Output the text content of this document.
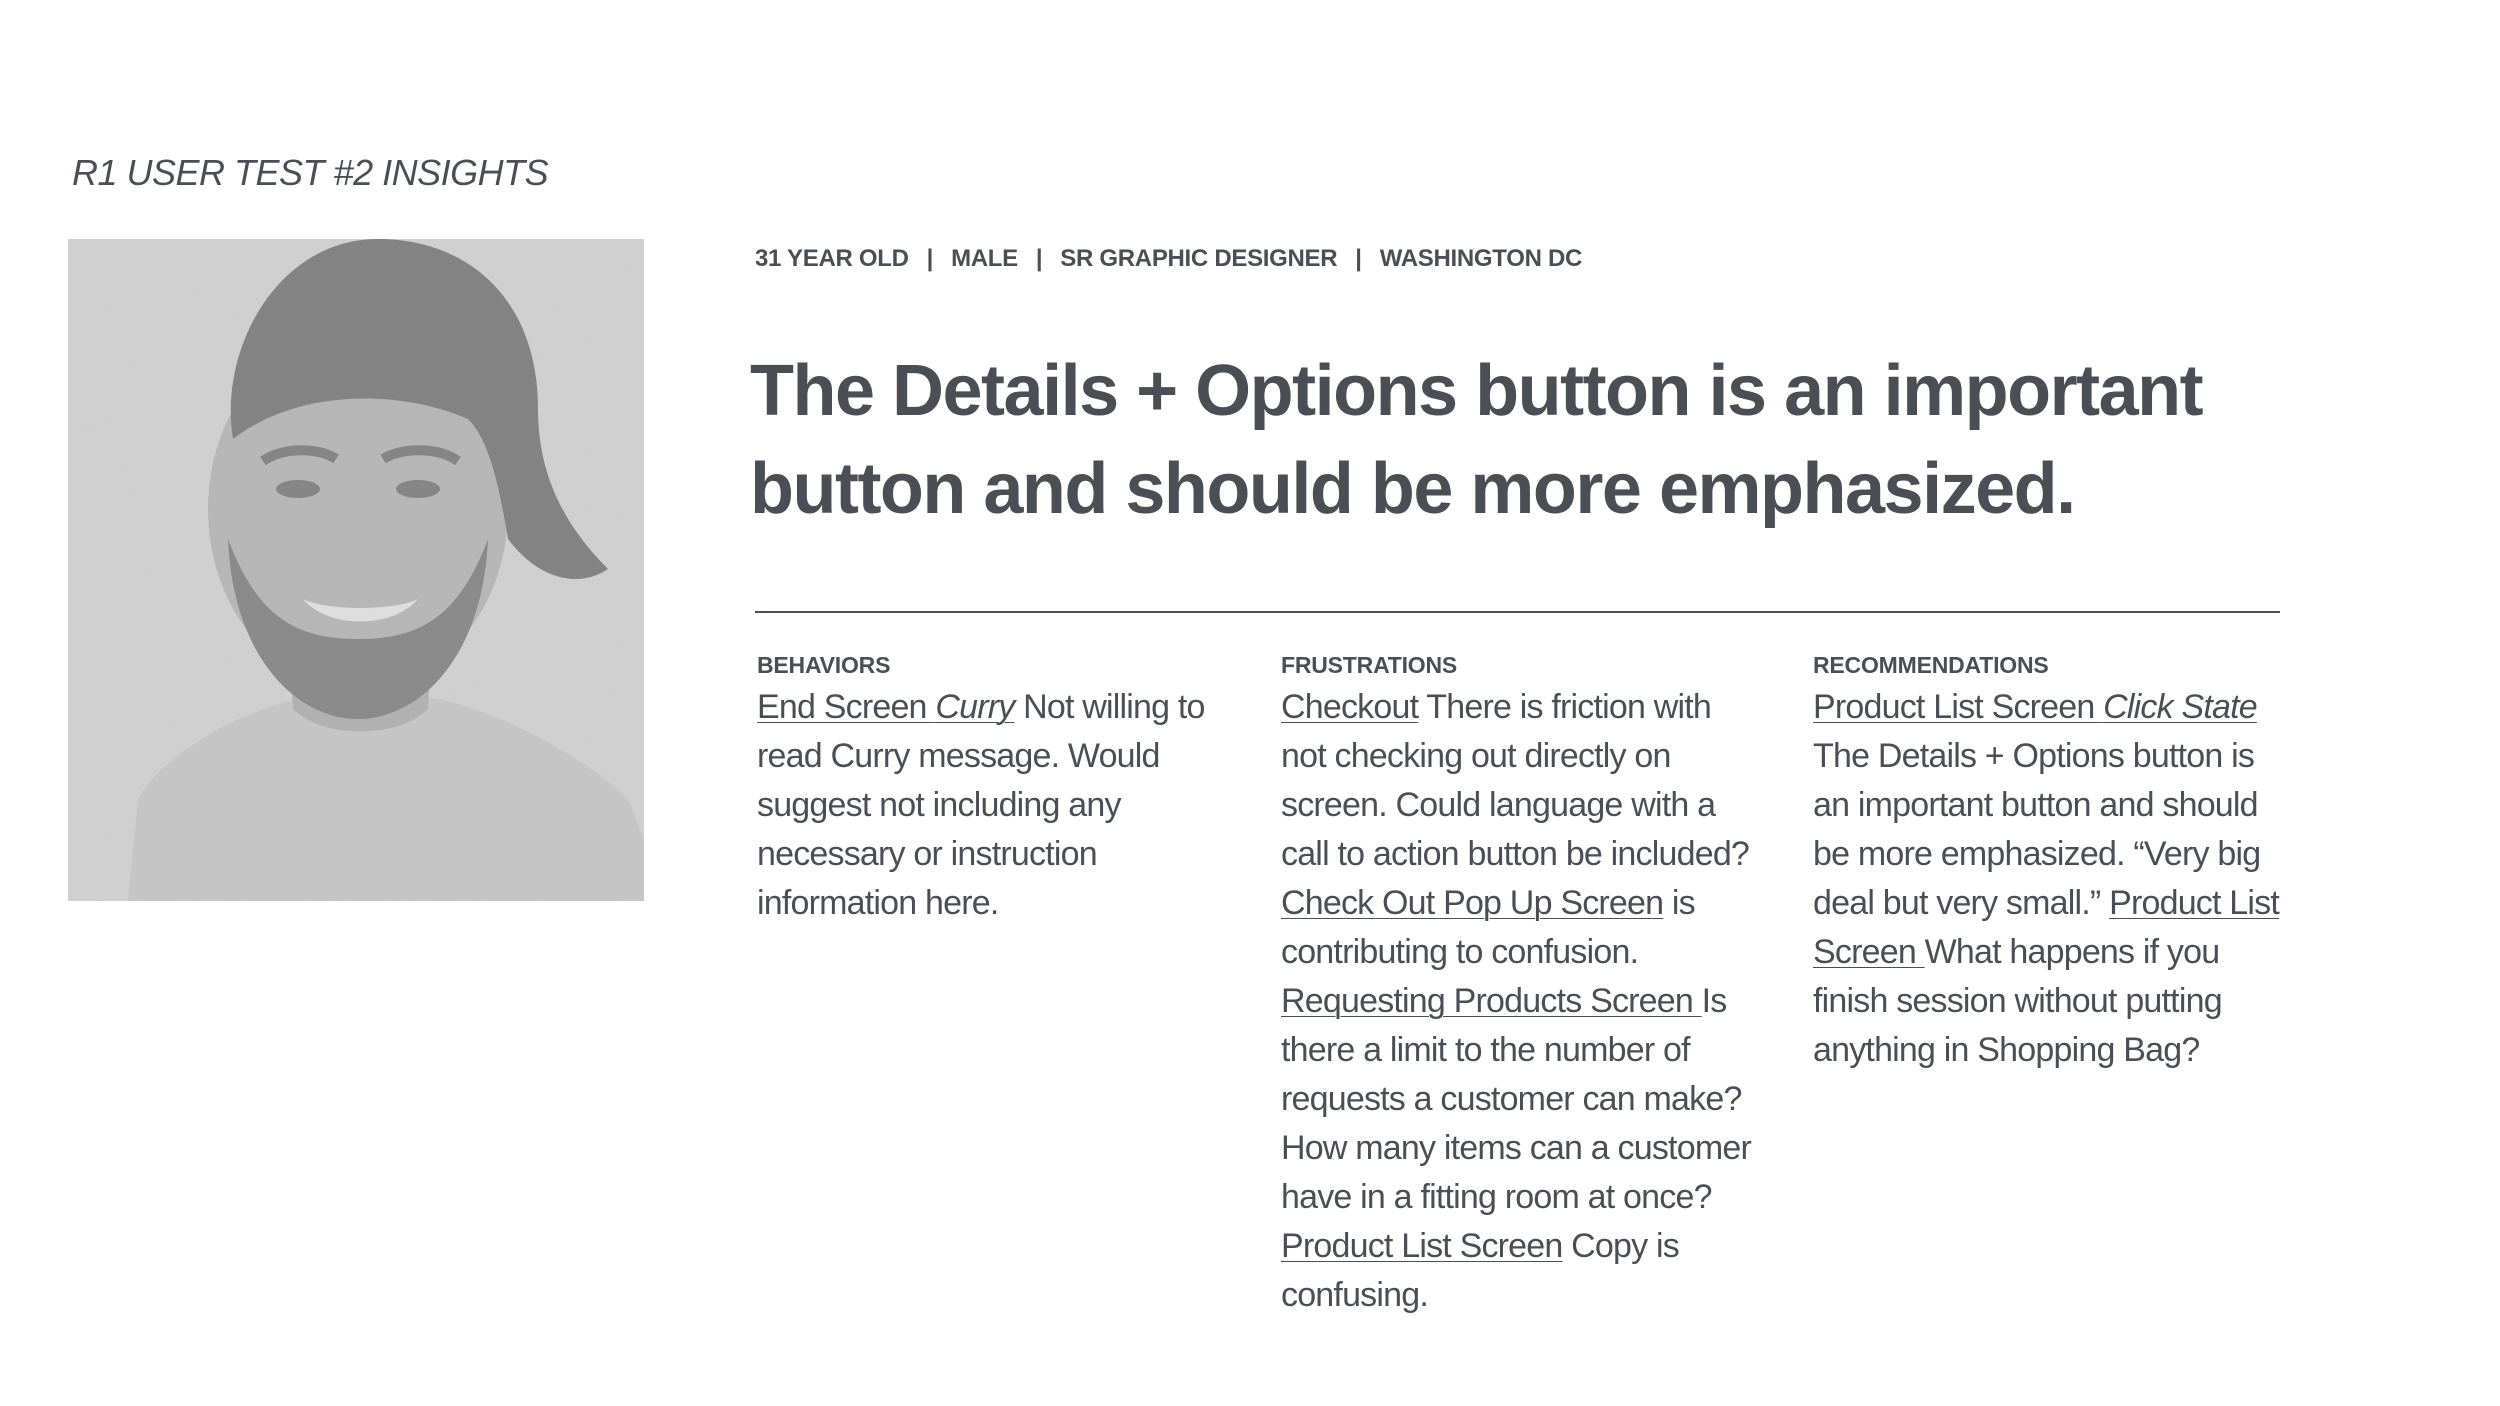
R1 USER TEST #2 INSIGHTS
31 YEAR OLD | MALE | SR GRAPHIC DESIGNER | WASHINGTON DC
The Details + Options button is an important button and should be more emphasized.
BEHAVIORS

End Screen Curry Not willing to read Curry message. Would suggest not including any necessary or instruction information here.

FRUSTRATIONS

Checkout There is friction with not checking out directly on screen. Could language with a call to action button be included? Check Out Pop Up Screen is contributing to confusion. Requesting Products Screen Is there a limit to the number of requests a customer can make? How many items can a customer have in a fitting room at once? Product List Screen Copy is confusing.

RECOMMENDATIONS

Product List Screen Click State The Details + Options button is an important button and should be more emphasized. “Very big deal but very small.” Product List Screen What happens if you finish session without putting anything in Shopping Bag?
